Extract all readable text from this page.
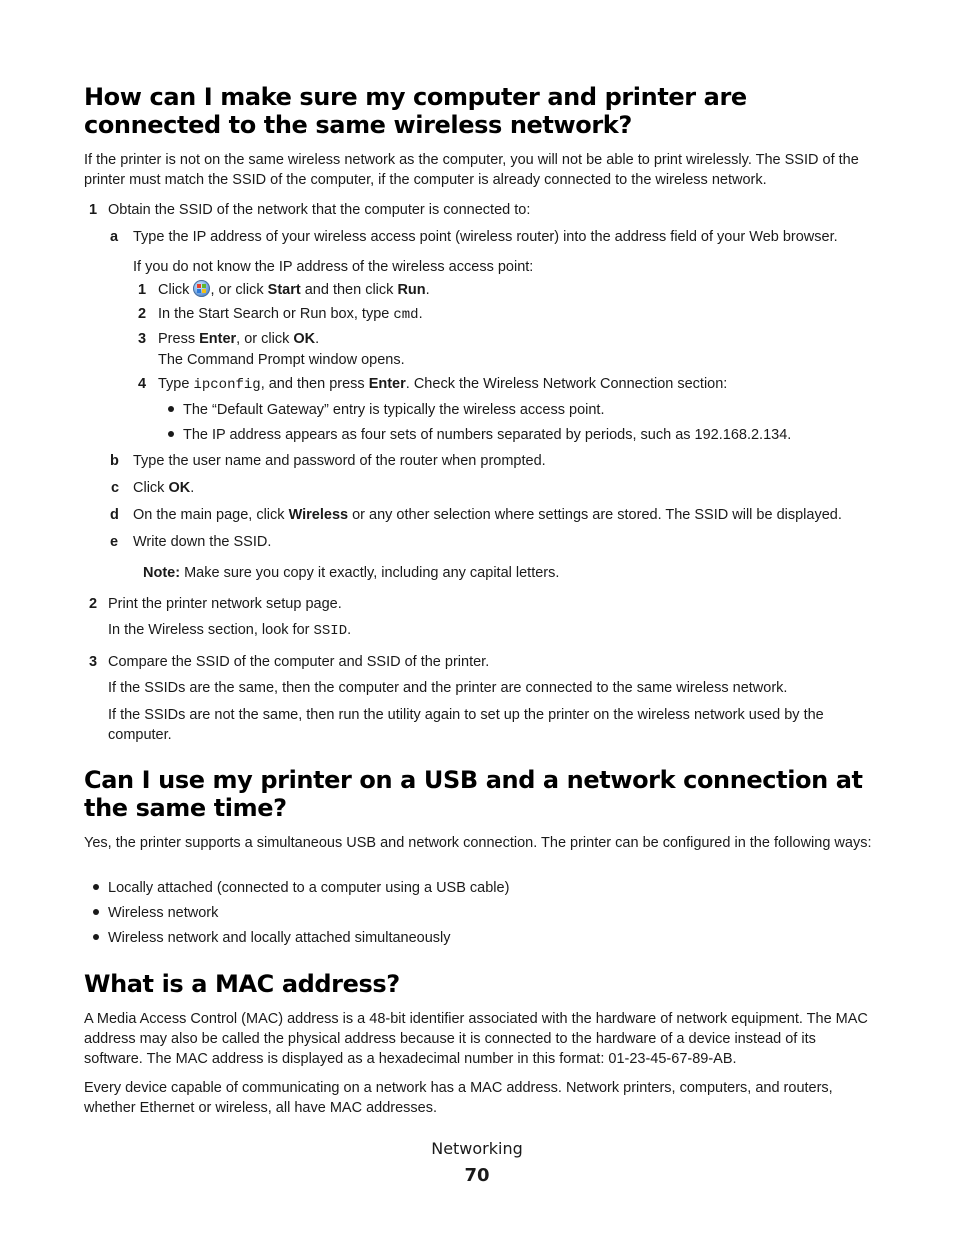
How can I make sure my computer and printer are connected to the same wireless network?
If the printer is not on the same wireless network as the computer, you will not be able to print wirelessly. The SSID of the printer must match the SSID of the computer, if the computer is already connected to the wireless network.
1 Obtain the SSID of the network that the computer is connected to:
a Type the IP address of your wireless access point (wireless router) into the address field of your Web browser.
If you do not know the IP address of the wireless access point:
1 Click
, or click Start and then click Run.
2 In the Start Search or Run box, type cmd.
3 Press Enter, or click OK.
The Command Prompt window opens.
4 Type ipconfig, and then press Enter. Check the Wireless Network Connection section:
The “Default Gateway” entry is typically the wireless access point.
The IP address appears as four sets of numbers separated by periods, such as 192.168.2.134.
b Type the user name and password of the router when prompted.
c Click OK.
d On the main page, click Wireless or any other selection where settings are stored. The SSID will be displayed.
e Write down the SSID.
Note: Make sure you copy it exactly, including any capital letters.
2 Print the printer network setup page.
In the Wireless section, look for SSID.
3 Compare the SSID of the computer and SSID of the printer.
If the SSIDs are the same, then the computer and the printer are connected to the same wireless network.
If the SSIDs are not the same, then run the utility again to set up the printer on the wireless network used by the computer.
Can I use my printer on a USB and a network connection at the same time?
Yes, the printer supports a simultaneous USB and network connection. The printer can be configured in the following ways:
Locally attached (connected to a computer using a USB cable)
Wireless network
Wireless network and locally attached simultaneously
What is a MAC address?
A Media Access Control (MAC) address is a 48-bit identifier associated with the hardware of network equipment. The MAC address may also be called the physical address because it is connected to the hardware of a device instead of its software. The MAC address is displayed as a hexadecimal number in this format: 01-23-45-67-89-AB.
Every device capable of communicating on a network has a MAC address. Network printers, computers, and routers, whether Ethernet or wireless, all have MAC addresses.
Networking
70
